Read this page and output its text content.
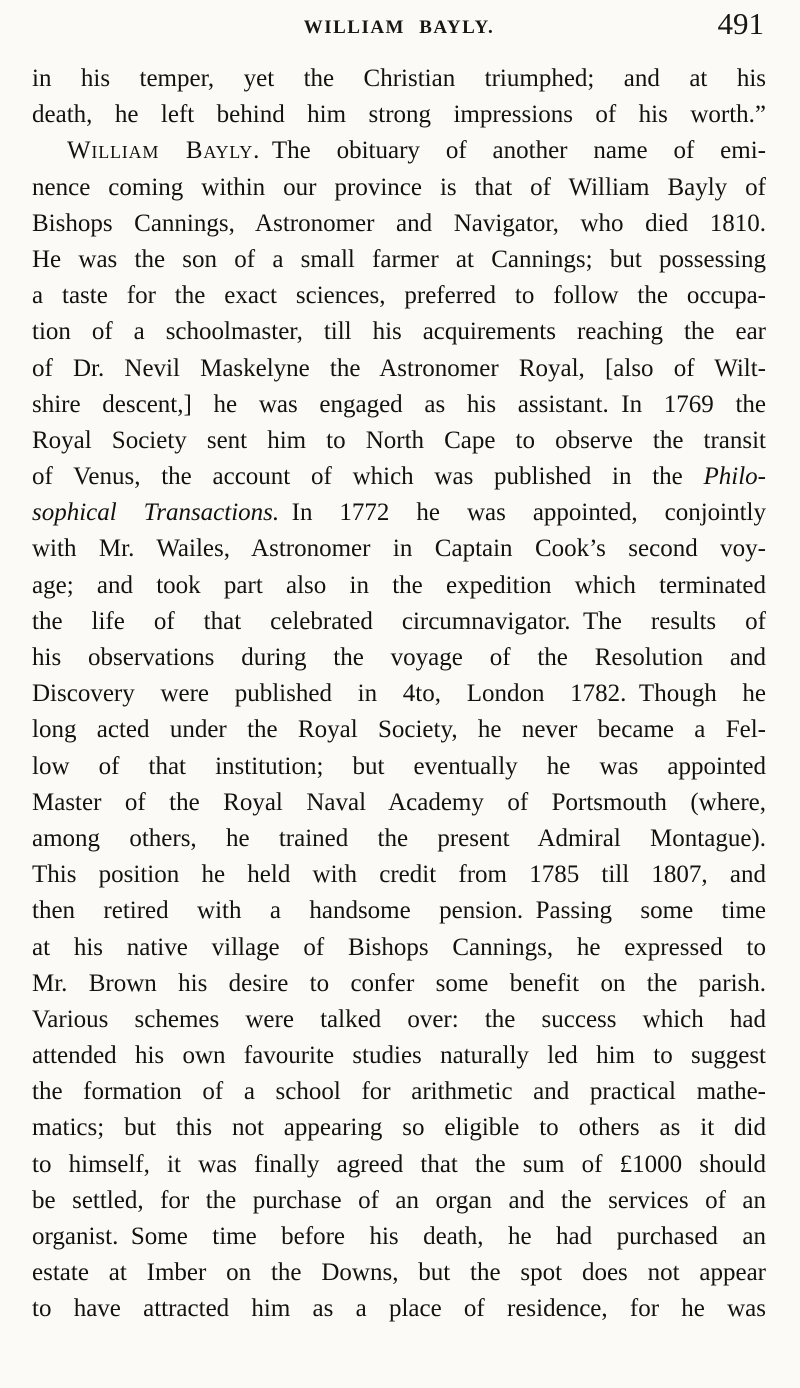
WILLIAM BAYLY.	491
in his temper, yet the Christian triumphed; and at his
death, he left behind him strong impressions of his worth.”
William Bayly. The obituary of another name of emi-
nence coming within our province is that of William Bayly of
Bishops Cannings, Astronomer and Navigator, who died 1810.
He was the son of a small farmer at Cannings; but possessing
a taste for the exact sciences, preferred to follow the occupa-
tion of a schoolmaster, till his acquirements reaching the ear
of Dr. Nevil Maskelyne the Astronomer Royal, [also of Wilt-
shire descent,] he was engaged as his assistant. In 1769 the
Royal Society sent him to North Cape to observe the transit
of Venus, the account of which was published in the Philo-
sophical Transactions. In 1772 he was appointed, conjointly
with Mr. Wailes, Astronomer in Captain Cook’s second voy-
age; and took part also in the expedition which terminated
the life of that celebrated circumnavigator. The results of
his observations during the voyage of the Resolution and
Discovery were published in 4to, London 1782. Though he
long acted under the Royal Society, he never became a Fel-
low of that institution; but eventually he was appointed
Master of the Royal Naval Academy of Portsmouth (where,
among others, he trained the present Admiral Montague).
This position he held with credit from 1785 till 1807, and
then retired with a handsome pension. Passing some time
at his native village of Bishops Cannings, he expressed to
Mr. Brown his desire to confer some benefit on the parish.
Various schemes were talked over: the success which had
attended his own favourite studies naturally led him to suggest
the formation of a school for arithmetic and practical mathe-
matics; but this not appearing so eligible to others as it did
to himself, it was finally agreed that the sum of £1000 should
be settled, for the purchase of an organ and the services of an
organist. Some time before his death, he had purchased an
estate at Imber on the Downs, but the spot does not appear
to have attracted him as a place of residence, for he was
